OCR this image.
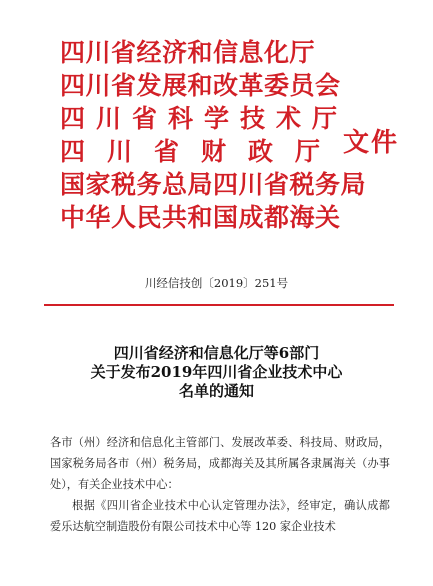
四川省经济和信息化厅
四川省发展和改革委员会
四川省科学技术厅
四川省财政厅
国家税务总局四川省税务局
中华人民共和国成都海关
文件
川经信技创〔2019〕251号
四川省经济和信息化厅等6部门
关于发布2019年四川省企业技术中心
名单的通知

各市（州）经济和信息化主管部门、发展改革委、科技局、财政局，国家税务局各市（州）税务局，成都海关及其所属各隶属海关（办事处），有关企业技术中心：

根据《四川省企业技术中心认定管理办法》，经审定，确认成都爱乐达航空制造股份有限公司技术中心等 120 家企业技术
